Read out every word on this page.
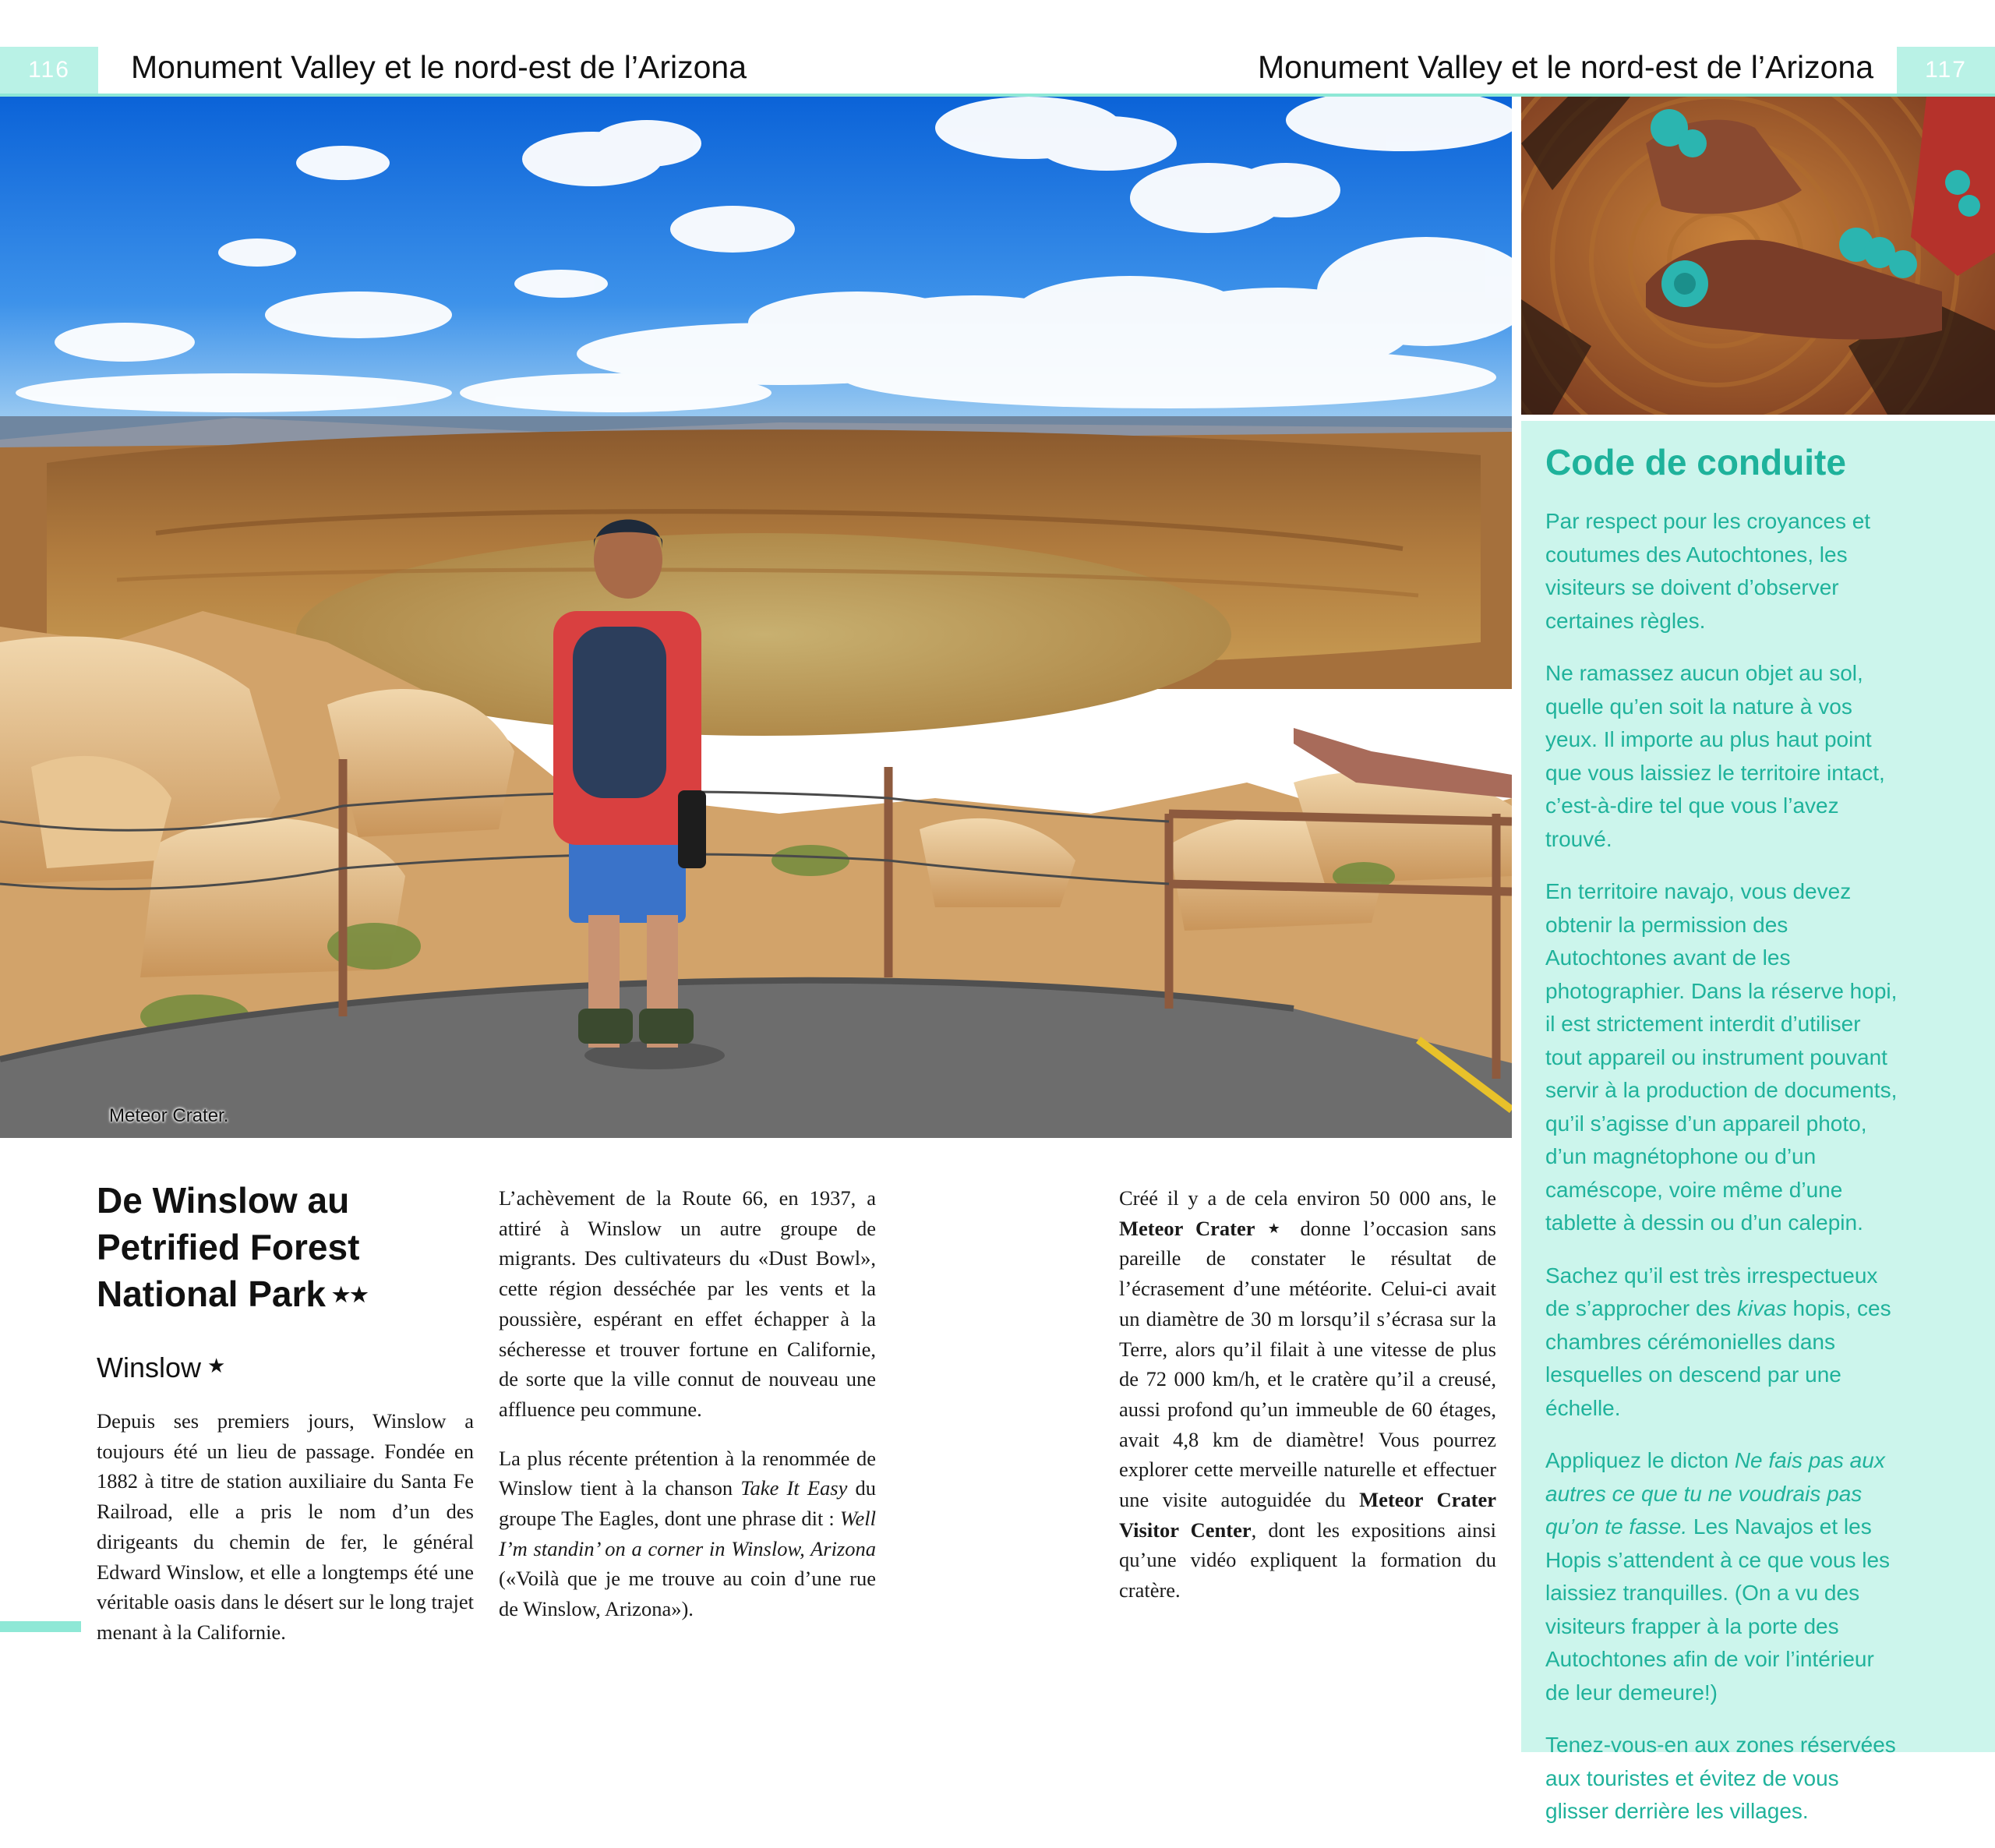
116	Monument Valley et le nord-est de l’Arizona	Monument Valley et le nord-est de l’Arizona	117
Meteor Crater.
Code de conduite

Par respect pour les croyances et coutumes des Autochtones, les visiteurs se doivent d’observer certaines règles.

Ne ramassez aucun objet au sol, quelle qu’en soit la nature à vos yeux. Il importe au plus haut point que vous laissiez le territoire intact, c’est-à-dire tel que vous l’avez trouvé.

En territoire navajo, vous devez obtenir la permission des Autochtones avant de les photographier. Dans la réserve hopi, il est strictement interdit d’utiliser tout appareil ou instrument pouvant servir à la production de documents, qu’il s’agisse d’un appareil photo, d’un magnétophone ou d’un caméscope, voire même d’une tablette à dessin ou d’un calepin.

Sachez qu’il est très irrespectueux de s’approcher des kivas hopis, ces chambres cérémonielles dans lesquelles on descend par une échelle.

Appliquez le dicton Ne fais pas aux autres ce que tu ne voudrais pas qu’on te fasse. Les Navajos et les Hopis s’attendent à ce que vous les laissiez tranquilles. (On a vu des visiteurs frapper à la porte des Autochtones afin de voir l’intérieur de leur demeure!)

Tenez-vous-en aux zones réservées aux touristes et évitez de vous glisser derrière les villages.

De Winslow au Petrified Forest National Park ★★
Winslow ★

Depuis ses premiers jours, Winslow a toujours été un lieu de passage. Fondée en 1882 à titre de station auxiliaire du Santa Fe Railroad, elle a pris le nom d’un des dirigeants du chemin de fer, le général Edward Winslow, et elle a longtemps été une véritable oasis dans le désert sur le long trajet menant à la Californie.

L’achèvement de la Route 66, en 1937, a attiré à Winslow un autre groupe de migrants. Des cultivateurs du «Dust Bowl», cette région desséchée par les vents et la poussière, espérant en effet échapper à la sécheresse et trouver fortune en Californie, de sorte que la ville connut de nouveau une affluence peu commune.

La plus récente prétention à la renommée de Winslow tient à la chanson Take It Easy du groupe The Eagles, dont une phrase dit : Well I’m standin’ on a corner in Winslow, Arizona («Voilà que je me trouve au coin d’une rue de Winslow, Arizona»).

Créé il y a de cela environ 50 000 ans, le Meteor Crater ★ donne l’occasion sans pareille de constater le résultat de l’écrasement d’une météorite. Celui-ci avait un diamètre de 30 m lorsqu’il s’écrasa sur la Terre, alors qu’il filait à une vitesse de plus de 72 000 km/h, et le cratère qu’il a creusé, aussi profond qu’un immeuble de 60 étages, avait 4,8 km de diamètre! Vous pourrez explorer cette merveille naturelle et effectuer une visite autoguidée du Meteor Crater Visitor Center, dont les expositions ainsi qu’une vidéo expliquent la formation du cratère.
